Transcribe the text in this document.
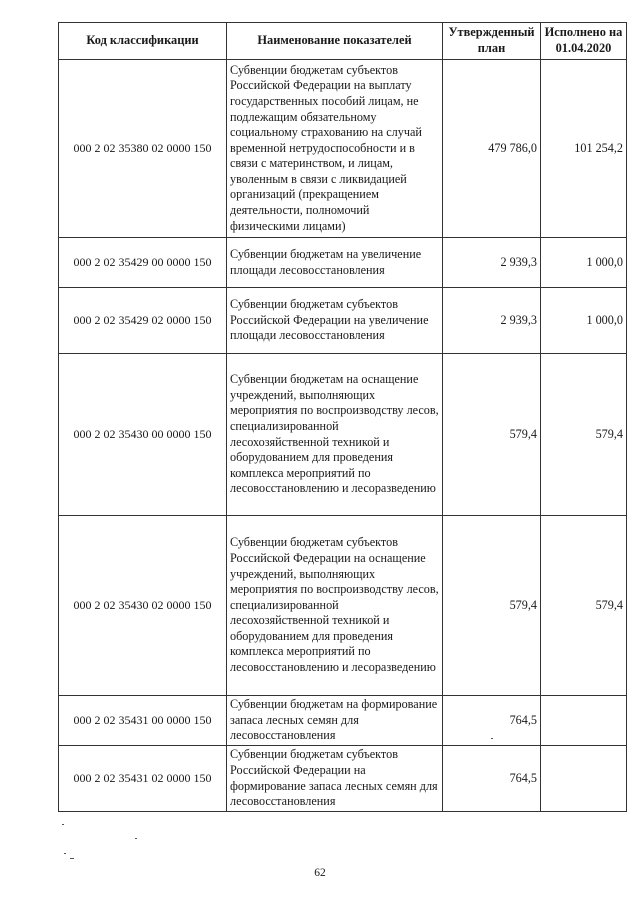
Код классификации	Наименование показателей	Утвержденный план	Исполнено на 01.04.2020
000 2 02 35380 02 0000 150	Субвенции бюджетам субъектов Российской Федерации на выплату государственных пособий лицам, не подлежащим обязательному социальному страхованию на случай временной нетрудоспособности и в связи с материнством, и лицам, уволенным в связи с ликвидацией организаций (прекращением деятельности, полномочий физическими лицами)	479 786,0	101 254,2
000 2 02 35429 00 0000 150	Субвенции бюджетам на увеличение площади лесовосстановления	2 939,3	1 000,0
000 2 02 35429 02 0000 150	Субвенции бюджетам субъектов Российской Федерации на увеличение площади лесовосстановления	2 939,3	1 000,0
000 2 02 35430 00 0000 150	Субвенции бюджетам на оснащение учреждений, выполняющих мероприятия по воспроизводству лесов, специализированной лесохозяйственной техникой и оборудованием для проведения комплекса мероприятий по лесовосстановлению и лесоразведению	579,4	579,4
000 2 02 35430 02 0000 150	Субвенции бюджетам субъектов Российской Федерации на оснащение учреждений, выполняющих мероприятия по воспроизводству лесов, специализированной лесохозяйственной техникой и оборудованием для проведения комплекса мероприятий по лесовосстановлению и лесоразведению	579,4	579,4
000 2 02 35431 00 0000 150	Субвенции бюджетам на формирование запаса лесных семян для лесовосстановления	764,5	
000 2 02 35431 02 0000 150	Субвенции бюджетам субъектов Российской Федерации на формирование запаса лесных семян для лесовосстановления	764,5	
62
